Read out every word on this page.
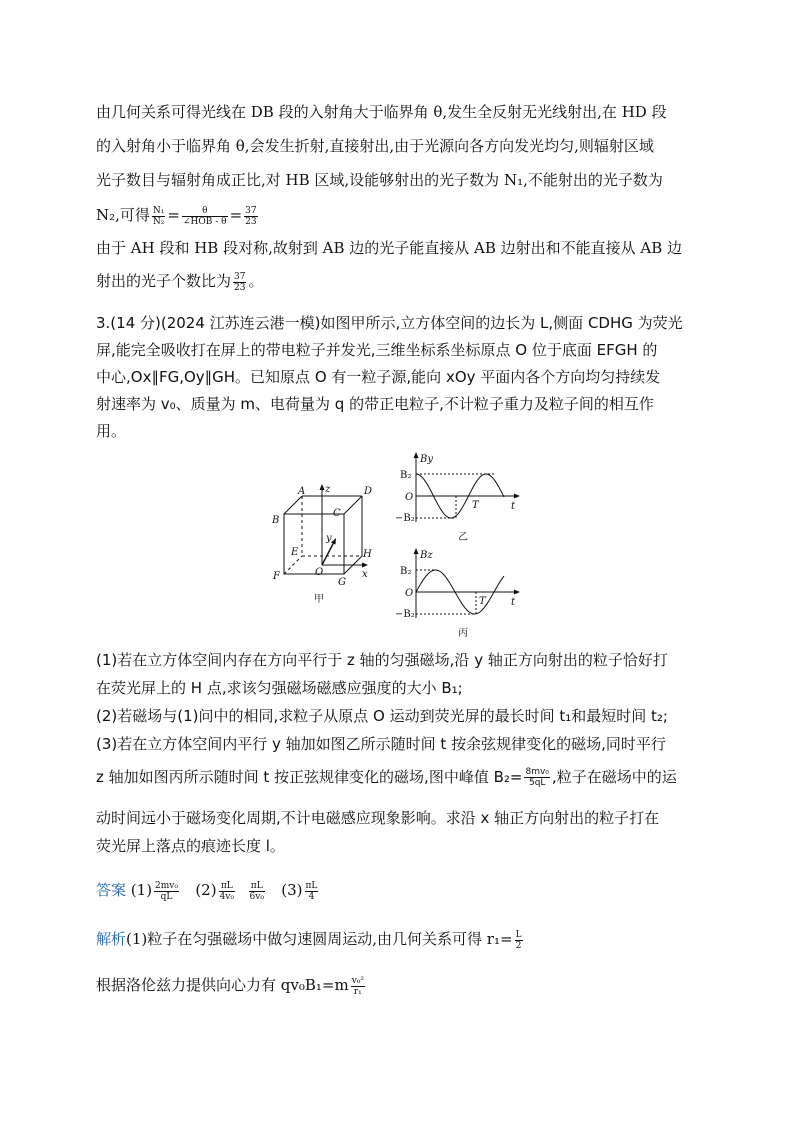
由几何关系可得光线在 DB 段的入射角大于临界角 θ,发生全反射无光线射出,在 HD 段
的入射角小于临界角 θ,会发生折射,直接射出,由于光源向各方向发光均匀,则辐射区域
光子数目与辐射角成正比,对 HB 区域,设能够射出的光子数为 N₁,不能射出的光子数为
N₂,可得 $\frac{\text{N₁}}{\text{N₂}} = \frac{\theta}{\text{∠HOB - θ}} = \frac{37}{23}$
由于 AH 段和 HB 段对称,故射到 AB 边的光子能直接从 AB 边射出和不能直接从 AB 边
射出的光子个数比为 $\frac{37}{23}$ 。
3.(14 分)(2024 江苏连云港一模)如图甲所示,立方体空间的边长为 L,侧面 CDHG 为荧光
屏,能完全吸收打在屏上的带电粒子并发光,三维坐标系坐标原点 O 位于底面 EFGH 的
中心,Ox∥FG,Oy∥GH。已知原点 O 有一粒子源,能向 xOy 平面内各个方向均匀持续发
射速率为 v₀、质量为 m、电荷量为 q 的带正电粒子,不计粒子重力及粒子间的相互作
用。
A	D
B
C
E	H
F
G
O	x
y
z
甲
By
B₂
O
−B₂
T	t
乙
Bz
B₂
O
−B₂
T	t
丙
(1)若在立方体空间内存在方向平行于 z 轴的匀强磁场,沿 y 轴正方向射出的粒子恰好打
在荧光屏上的 H 点,求该匀强磁场磁感应强度的大小 B₁;
(2)若磁场与(1)问中的相同,求粒子从原点 O 运动到荧光屏的最长时间 t₁和最短时间 t₂;
(3)若在立方体空间内平行 y 轴加如图乙所示随时间 t 按余弦规律变化的磁场,同时平行
z 轴加如图丙所示随时间 t 按正弦规律变化的磁场,图中峰值 $B_2= \frac{\text{8mv₀}}{5qL}$ ,粒子在磁场中的运
动时间远小于磁场变化周期,不计电磁感应现象影响。求沿 x 轴正方向射出的粒子打在
荧光屏上落点的痕迹长度 l。
答案 $(1) \frac{\text{2mv₀}}{qL} (2) \frac{\pi L}{\text{4v₀}}$
$\frac{\pi L}{\text{6v₀}} (3) \frac{\pi L}{4}$
解析(1)粒子在匀强磁场中做匀速圆周运动,由几何关系可得 $r_1= \frac{L}{2}$
根据洛伦兹力提供向心力有 $qv_0B_1=m \frac{\text{v₀²}}{\text{r₁}}$
